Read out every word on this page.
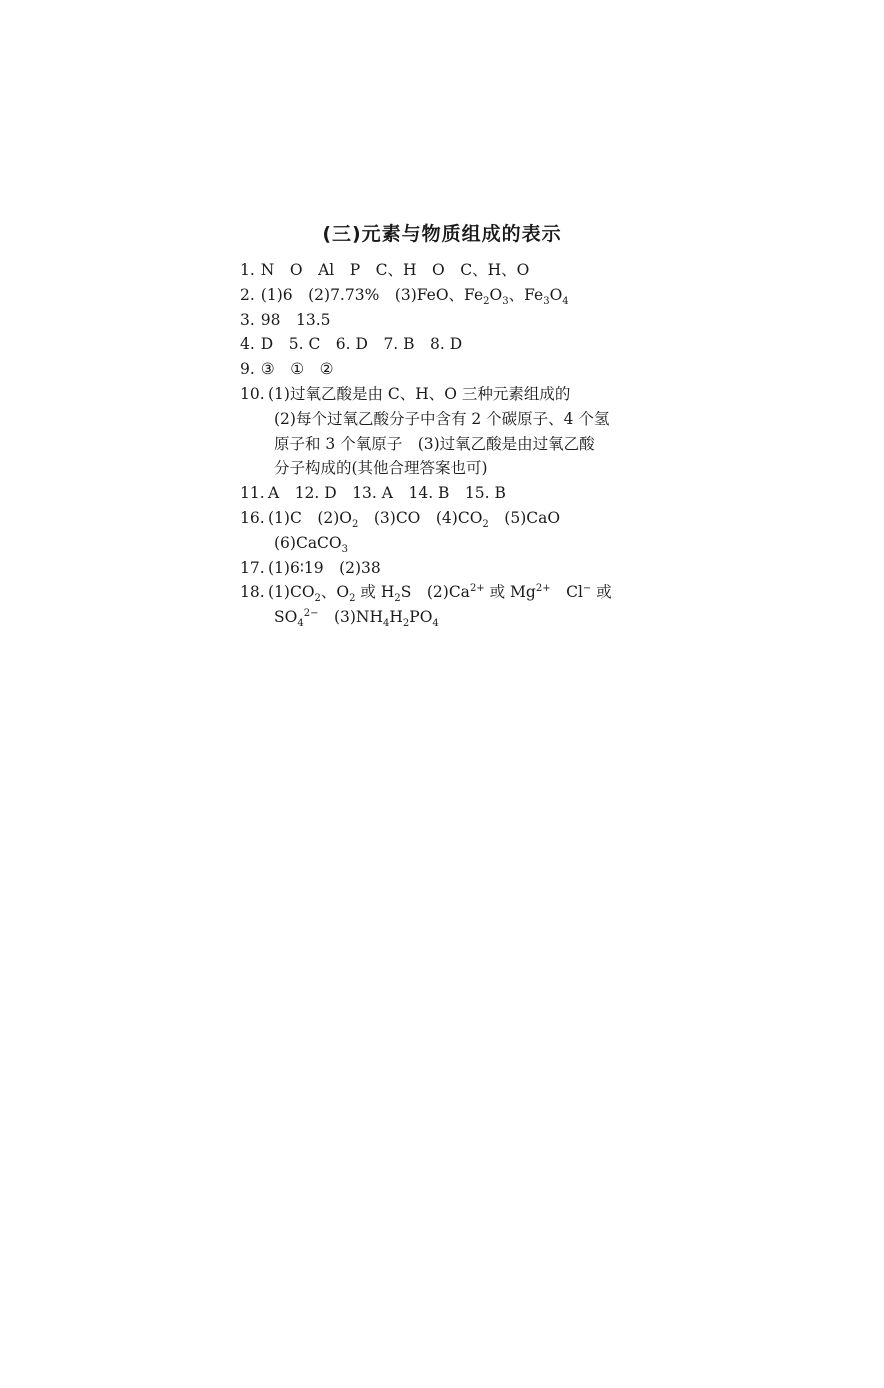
(三)元素与物质组成的表示
1. N　O　Al　P　C、H　O　C、H、O
2. (1)6　(2)7.73%　(3)FeO、$Fe_2O_3$、$Fe_3O_4$
3. 98　13.5
4. D　5. C　6. D　7. B　8. D
9. ③　①　②
10. (1)过氧乙酸是由 C、H、O 三种元素组成的
(2)每个过氧乙酸分子中含有 2 个碳原子、4 个氢
原子和 3 个氧原子　(3)过氧乙酸是由过氧乙酸
分子构成的(其他合理答案也可)
11. A　12. D　13. A　14. B　15. B
16. (1)C　$(2)O_2$　(3)CO　$(4)CO_2$　(5)CaO
(6)CaCO$_3$
17. (1)6∶19　(2)38
18. $(1)CO_2$、$O_2$ 或 $H_2S$　$(2)Ca^{2+}$ 或 $Mg^{2+}$　Cl− 或
$SO_4^{2-}$　$(3)NH_4H_2PO_4$
